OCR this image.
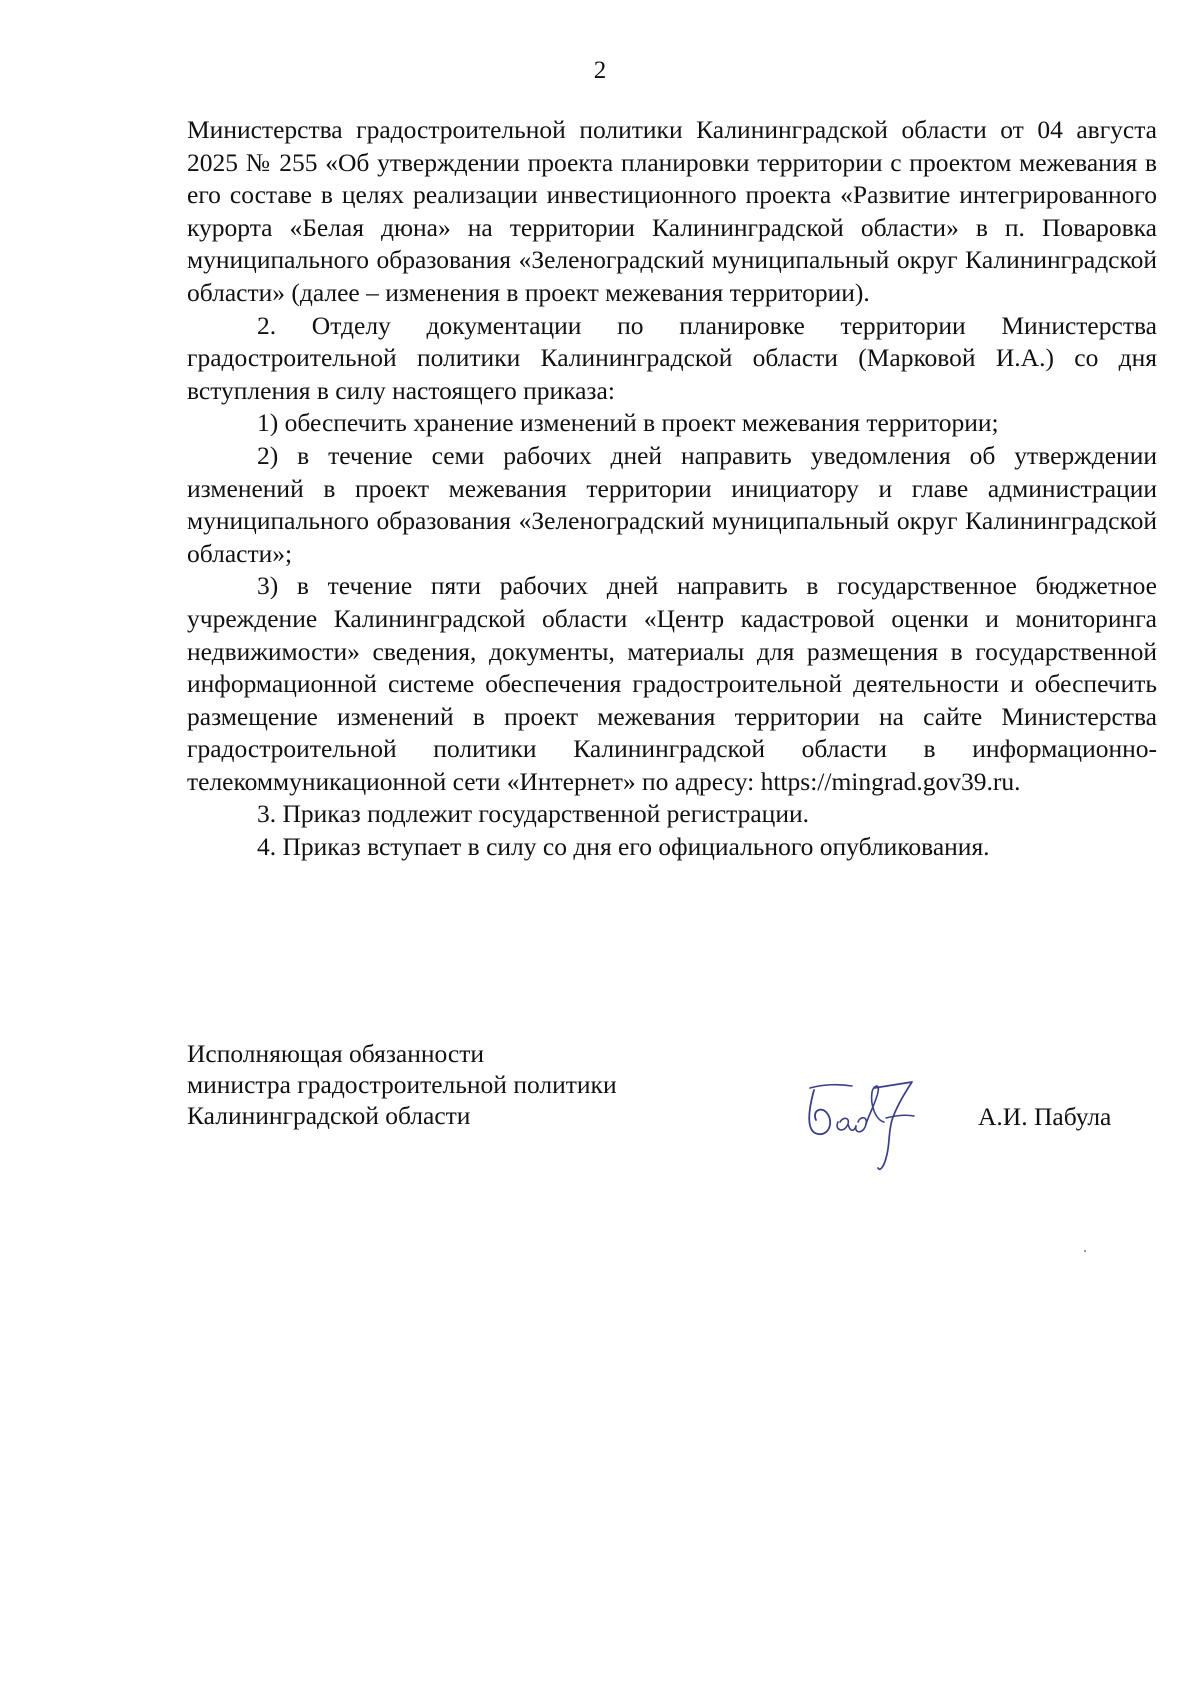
2

Министерства градостроительной политики Калининградской области от 04 августа 2025 № 255 «Об утверждении проекта планировки территории с проектом межевания в его составе в целях реализации инвестиционного проекта «Развитие интегрированного курорта «Белая дюна» на территории Калининградской области» в п. Поваровка муниципального образования «Зеленоградский муниципальный округ Калининградской области» (далее – изменения в проект межевания территории).

2. Отделу документации по планировке территории Министерства градостроительной политики Калининградской области (Марковой И.А.) со дня вступления в силу настоящего приказа:

1) обеспечить хранение изменений в проект межевания территории;

2) в течение семи рабочих дней направить уведомления об утверждении изменений в проект межевания территории инициатору и главе администрации муниципального образования «Зеленоградский муниципальный округ Калининградской области»;

3) в течение пяти рабочих дней направить в государственное бюджетное учреждение Калининградской области «Центр кадастровой оценки и мониторинга недвижимости» сведения, документы, материалы для размещения в государственной информационной системе обеспечения градостроительной деятельности и обеспечить размещение изменений в проект межевания территории на сайте Министерства градостроительной политики Калининградской области в информационно-телекоммуникационной сети «Интернет» по адресу: https://mingrad.gov39.ru.

3. Приказ подлежит государственной регистрации.

4. Приказ вступает в силу со дня его официального опубликования.

Исполняющая обязанности
министра градостроительной политики
Калининградской области	А.И. Пабула
